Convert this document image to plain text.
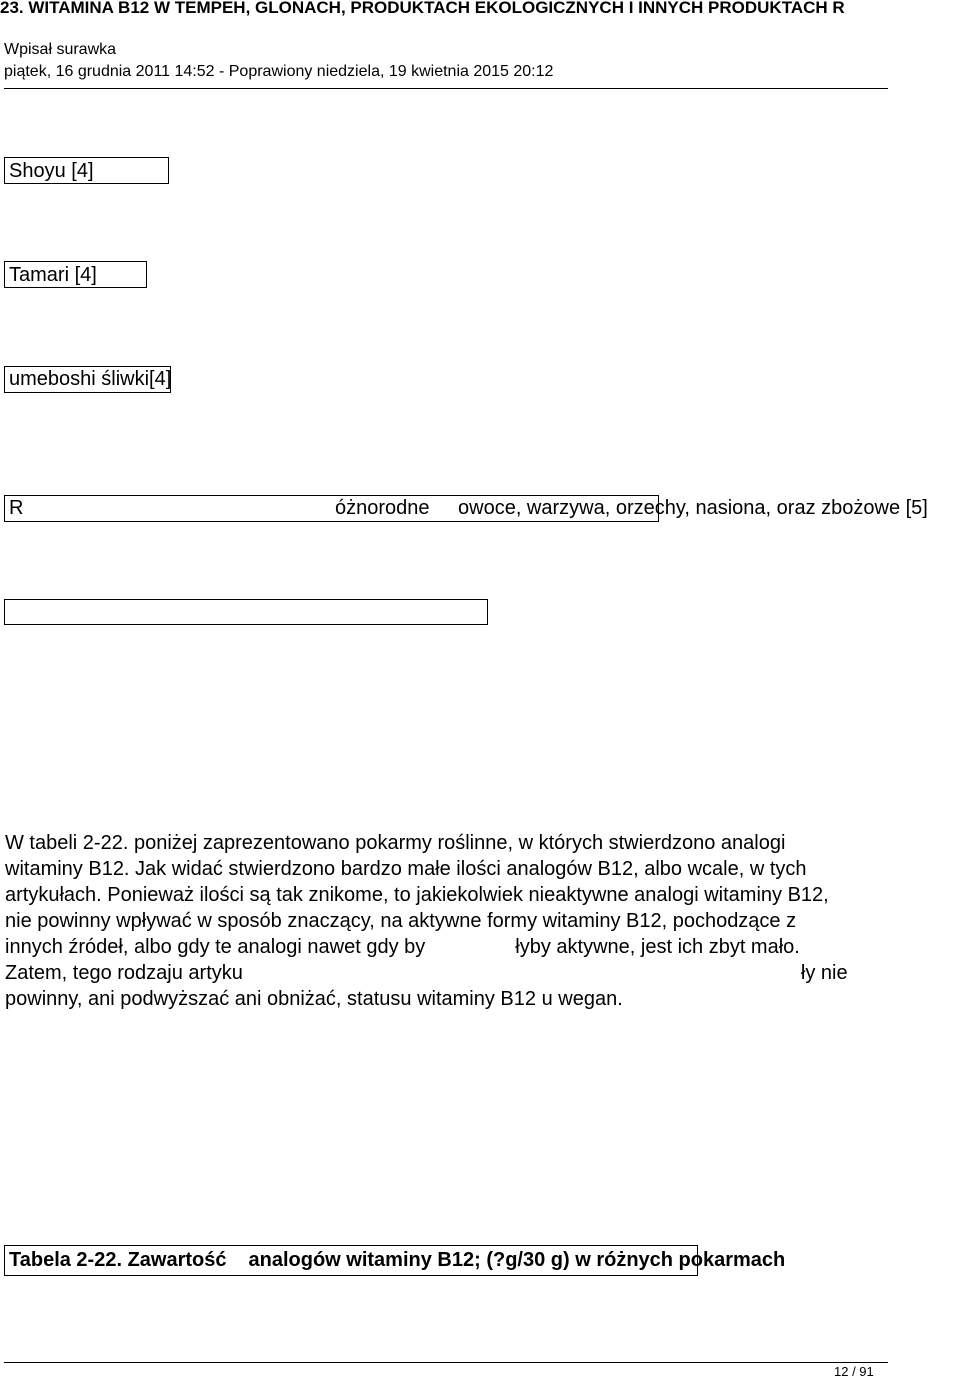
23. WITAMINA B12 W TEMPEH, GLONACH, PRODUKTACH EKOLOGICZNYCH I INNYCH PRODUKTACH R
Wpisał surawka
piątek, 16 grudnia 2011 14:52 - Poprawiony niedziela, 19 kwietnia 2015 20:12
Shoyu [4]
Tamari [4]
umeboshi śliwki[4]
R	óżnorodne owoce, warzywa, orzechy, nasiona, oraz zbożowe [5]
W tabeli 2-22. poniżej zaprezentowano pokarmy roślinne, w których stwierdzono analogi
witaminy B12. Jak widać stwierdzono bardzo małe ilości analogów B12, albo wcale, w tych
artykułach. Ponieważ ilości są tak znikome, to jakiekolwiek nieaktywne analogi witaminy B12,
nie powinny wpływać w sposób znaczący, na aktywne formy witaminy B12, pochodzące z
innych źródeł, albo gdy te analogi nawet gdy by	łyby aktywne, jest ich zbyt mało.
Zatem, tego rodzaju artyku	ły nie
powinny, ani podwyższać ani obniżać, statusu witaminy B12 u wegan.
Tabela 2-22. Zawartość analogów witaminy B12; (?g/30 g) w różnych pokarmach
12 / 91
